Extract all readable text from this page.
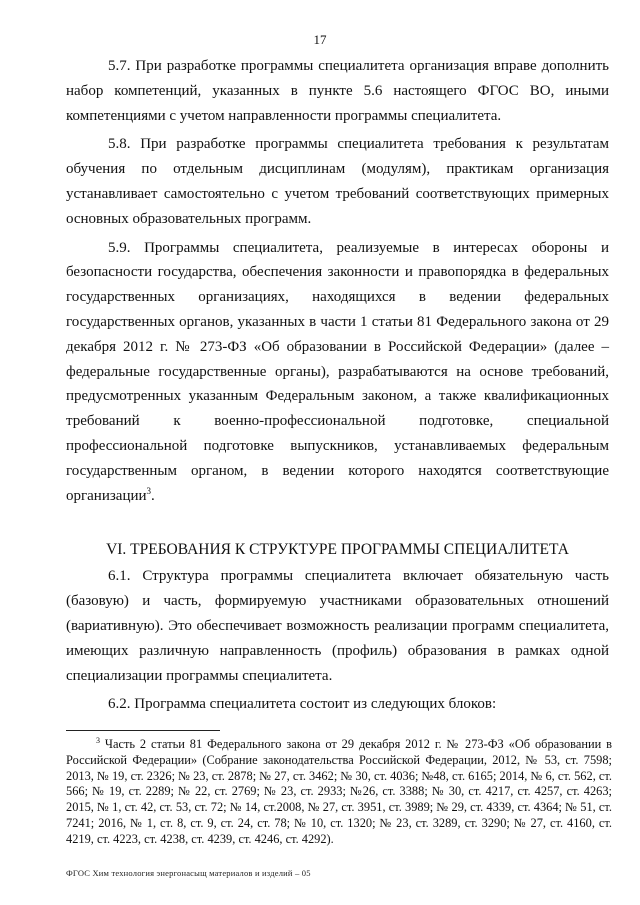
17

5.7. При разработке программы специалитета организация вправе дополнить набор компетенций, указанных в пункте 5.6 настоящего ФГОС ВО, иными компетенциями с учетом направленности программы специалитета.

5.8. При разработке программы специалитета требования к результатам обучения по отдельным дисциплинам (модулям), практикам организация устанавливает самостоятельно с учетом требований соответствующих примерных основных образовательных программ.

5.9. Программы специалитета, реализуемые в интересах обороны и безопасности государства, обеспечения законности и правопорядка в федеральных государственных организациях, находящихся в ведении федеральных государственных органов, указанных в части 1 статьи 81 Федерального закона от 29 декабря 2012 г. № 273-ФЗ «Об образовании в Российской Федерации» (далее – федеральные государственные органы), разрабатываются на основе требований, предусмотренных указанным Федеральным законом, а также квалификационных требований к военно-профессиональной подготовке, специальной профессиональной подготовке выпускников, устанавливаемых федеральным государственным органом, в ведении которого находятся соответствующие организации$^3$.

VI. ТРЕБОВАНИЯ К СТРУКТУРЕ ПРОГРАММЫ СПЕЦИАЛИТЕТА

6.1. Структура программы специалитета включает обязательную часть (базовую) и часть, формируемую участниками образовательных отношений (вариативную). Это обеспечивает возможность реализации программ специалитета, имеющих различную направленность (профиль) образования в рамках одной специализации программы специалитета.

6.2. Программа специалитета состоит из следующих блоков:

$^3$ Часть 2 статьи 81 Федерального закона от 29 декабря 2012 г. № 273-ФЗ «Об образовании в Российской Федерации» (Собрание законодательства Российской Федерации, 2012, № 53, ст. 7598; 2013, № 19, ст. 2326; № 23, ст. 2878; № 27, ст. 3462; № 30, ст. 4036; №48, ст. 6165; 2014, № 6, ст. 562, ст. 566; № 19, ст. 2289; № 22, ст. 2769; № 23, ст. 2933; №26, ст. 3388; № 30, ст. 4217, ст. 4257, ст. 4263; 2015, № 1, ст. 42, ст. 53, ст. 72; № 14, ст.2008, № 27, ст. 3951, ст. 3989; № 29, ст. 4339, ст. 4364; № 51, ст. 7241; 2016, № 1, ст. 8, ст. 9, ст. 24, ст. 78; № 10, ст. 1320; № 23, ст. 3289, ст. 3290; № 27, ст. 4160, ст. 4219, ст. 4223, ст. 4238, ст. 4239, ст. 4246, ст. 4292).

ФГОС Хим технология энергонасыщ материалов и изделий – 05
